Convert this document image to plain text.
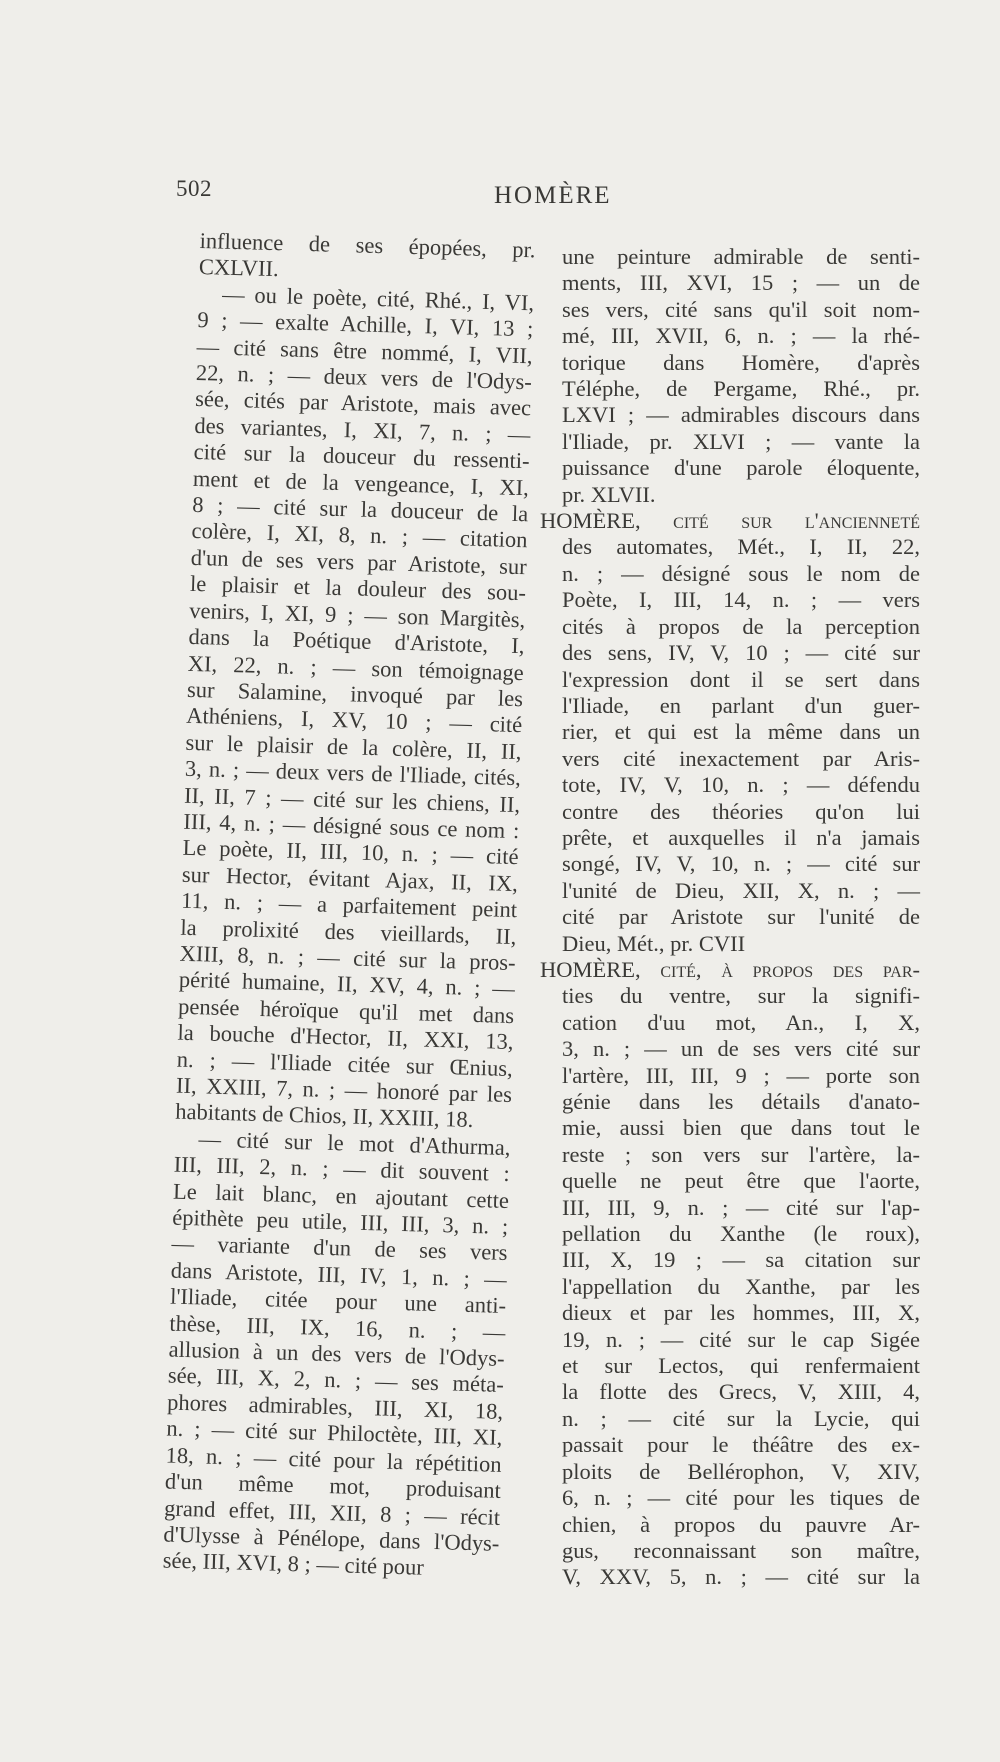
502	HOMÈRE
influence de ses épopées, pr.
CXLVII.
— ou le poète, cité, Rhé., I, VI,
9 ; — exalte Achille, I, VI, 13 ;
— cité sans être nommé, I, VII,
22, n. ; — deux vers de l'Odys-
sée, cités par Aristote, mais avec
des variantes, I, XI, 7, n. ; —
cité sur la douceur du ressenti-
ment et de la vengeance, I, XI,
8 ; — cité sur la douceur de la
colère, I, XI, 8, n. ; — citation
d'un de ses vers par Aristote, sur
le plaisir et la douleur des sou-
venirs, I, XI, 9 ; — son Margitès,
dans la Poétique d'Aristote, I,
XI, 22, n. ; — son témoignage
sur Salamine, invoqué par les
Athéniens, I, XV, 10 ; — cité
sur le plaisir de la colère, II, II,
3, n. ; — deux vers de l'Iliade, cités,
II, II, 7 ; — cité sur les chiens, II,
III, 4, n. ; — désigné sous ce nom :
Le poète, II, III, 10, n. ; — cité
sur Hector, évitant Ajax, II, IX,
11, n. ; — a parfaitement peint
la prolixité des vieillards, II,
XIII, 8, n. ; — cité sur la pros-
périté humaine, II, XV, 4, n. ; —
pensée héroïque qu'il met dans
la bouche d'Hector, II, XXI, 13,
n. ; — l'Iliade citée sur Œnius,
II, XXIII, 7, n. ; — honoré par les
habitants de Chios, II, XXIII, 18.
— cité sur le mot d'Athurma,
III, III, 2, n. ; — dit souvent :
Le lait blanc, en ajoutant cette
épithète peu utile, III, III, 3, n. ;
— variante d'un de ses vers
dans Aristote, III, IV, 1, n. ; —
l'Iliade, citée pour une anti-
thèse, III, IX, 16, n. ; —
allusion à un des vers de l'Odys-
sée, III, X, 2, n. ; — ses méta-
phores admirables, III, XI, 18,
n. ; — cité sur Philoctète, III, XI,
18, n. ; — cité pour la répétition
d'un même mot, produisant
grand effet, III, XII, 8 ; — récit
d'Ulysse à Pénélope, dans l'Odys-
sée, III, XVI, 8 ; — cité pour
une peinture admirable de senti-
ments, III, XVI, 15 ; — un de
ses vers, cité sans qu'il soit nom-
mé, III, XVII, 6, n. ; — la rhé-
torique dans Homère, d'après
Téléphe, de Pergame, Rhé., pr.
LXVI ; — admirables discours dans
l'Iliade, pr. XLVI ; — vante la
puissance d'une parole éloquente,
pr. XLVII.
HOMÈRE, cité sur l'ancienneté
des automates, Mét., I, II, 22,
n. ; — désigné sous le nom de
Poète, I, III, 14, n. ; — vers
cités à propos de la perception
des sens, IV, V, 10 ; — cité sur
l'expression dont il se sert dans
l'Iliade, en parlant d'un guer-
rier, et qui est la même dans un
vers cité inexactement par Aris-
tote, IV, V, 10, n. ; — défendu
contre des théories qu'on lui
prête, et auxquelles il n'a jamais
songé, IV, V, 10, n. ; — cité sur
l'unité de Dieu, XII, X, n. ; —
cité par Aristote sur l'unité de
Dieu, Mét., pr. CVII
HOMÈRE, cité, à propos des par-
ties du ventre, sur la signifi-
cation d'uu mot, An., I, X,
3, n. ; — un de ses vers cité sur
l'artère, III, III, 9 ; — porte son
génie dans les détails d'anato-
mie, aussi bien que dans tout le
reste ; son vers sur l'artère, la-
quelle ne peut être que l'aorte,
III, III, 9, n. ; — cité sur l'ap-
pellation du Xanthe (le roux),
III, X, 19 ; — sa citation sur
l'appellation du Xanthe, par les
dieux et par les hommes, III, X,
19, n. ; — cité sur le cap Sigée
et sur Lectos, qui renfermaient
la flotte des Grecs, V, XIII, 4,
n. ; — cité sur la Lycie, qui
passait pour le théâtre des ex-
ploits de Bellérophon, V, XIV,
6, n. ; — cité pour les tiques de
chien, à propos du pauvre Ar-
gus, reconnaissant son maître,
V, XXV, 5, n. ; — cité sur la
